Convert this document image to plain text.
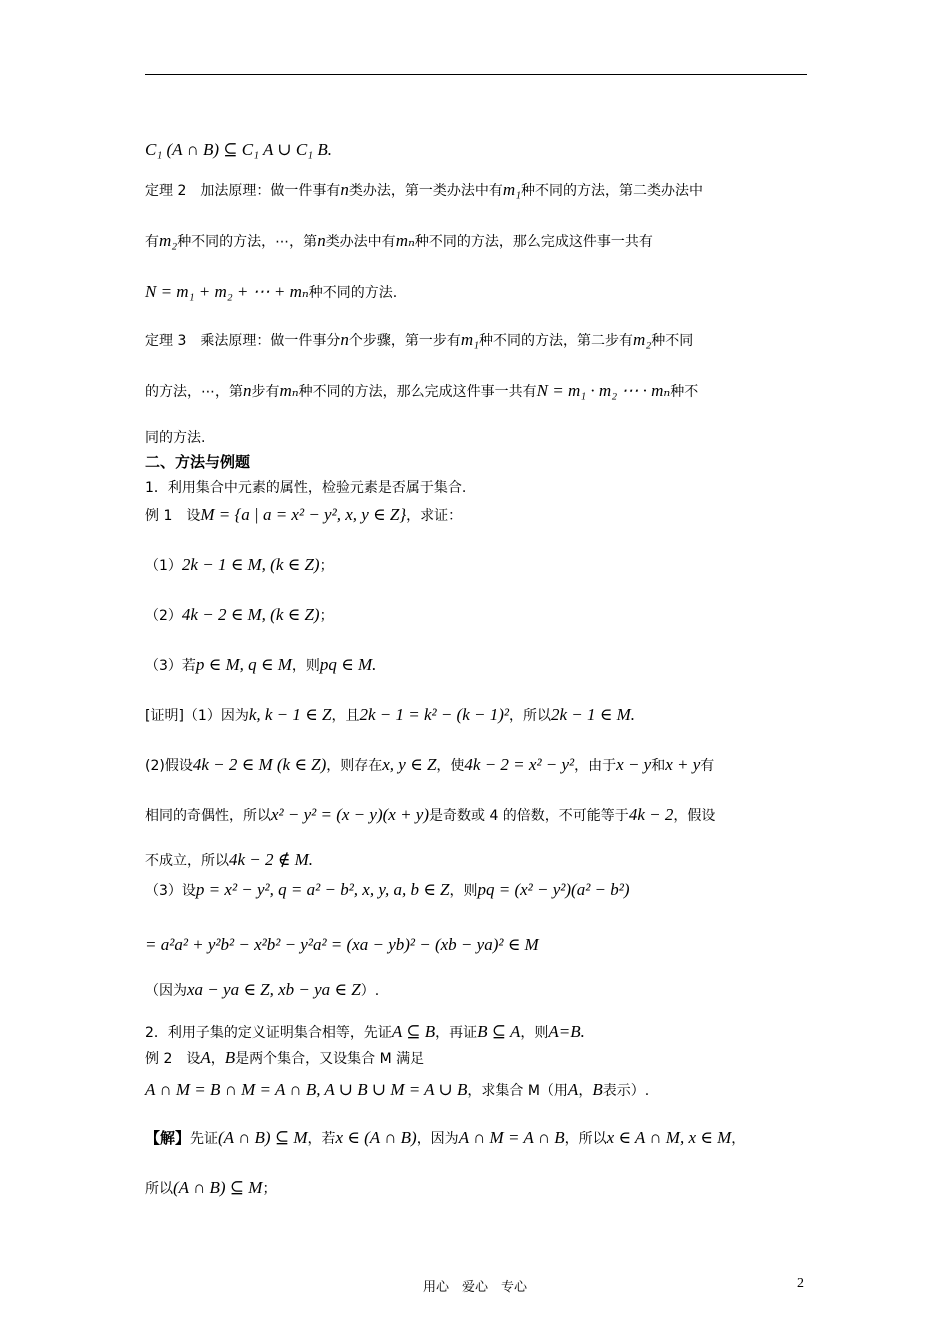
C₁ (A ∩ B) ⊆ C₁ A ∪ C₁ B.
定理 2　加法原理：做一件事有n类办法，第一类办法中有m₁种不同的方法，第二类办法中
有m₂种不同的方法，⋯，第n类办法中有mₙ种不同的方法，那么完成这件事一共有
N = m₁ + m₂ + ⋯ + mₙ种不同的方法.
定理 3　乘法原理：做一件事分n个步骤，第一步有m₁种不同的方法，第二步有m₂种不同
的方法，⋯，第n步有mₙ种不同的方法，那么完成这件事一共有N = m₁ · m₂ ⋯ · mₙ种不
同的方法.
二、方法与例题
1．利用集合中元素的属性，检验元素是否属于集合.
例 1　设M = {a | a = x² − y², x, y ∈ Z}，求证：
（1）2k − 1 ∈ M, (k ∈ Z)；
（2）4k − 2 ∈ M, (k ∈ Z)；
（3）若p ∈ M, q ∈ M，则pq ∈ M.
[证明]（1）因为k, k − 1 ∈ Z，且2k − 1 = k² − (k − 1)²，所以2k − 1 ∈ M.
(2)假设4k − 2 ∈ M (k ∈ Z)，则存在x, y ∈ Z，使4k − 2 = x² − y²，由于x − y和x + y有
相同的奇偶性，所以x² − y² = (x − y)(x + y)是奇数或 4 的倍数，不可能等于4k − 2，假设
不成立，所以4k − 2 ∉ M.
（3）设p = x² − y², q = a² − b², x, y, a, b ∈ Z，则pq = (x² − y²)(a² − b²)
= a²a² + y²b² − x²b² − y²a² = (xa − yb)² − (xb − ya)² ∈ M
（因为xa − ya ∈ Z, xb − ya ∈ Z）.
2．利用子集的定义证明集合相等，先证A ⊆ B，再证B ⊆ A，则A=B.
例 2　设A，B是两个集合，又设集合 M 满足
A ∩ M = B ∩ M = A ∩ B, A ∪ B ∪ M = A ∪ B，求集合 M（用A，B表示）.
【解】先证(A ∩ B) ⊆ M，若x ∈ (A ∩ B)，因为A ∩ M = A ∩ B，所以x ∈ A ∩ M, x ∈ M，
所以(A ∩ B) ⊆ M；
用心　爱心　专心	2
